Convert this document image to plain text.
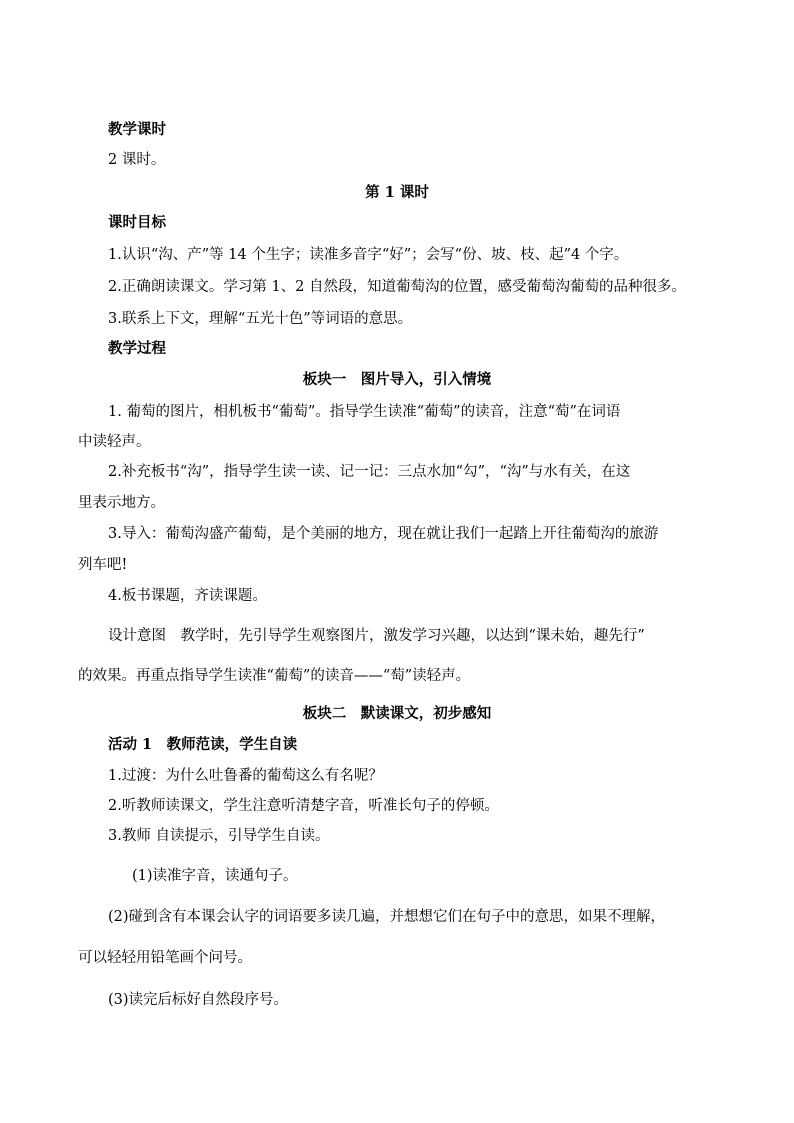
教学课时
2 课时。
第 1 课时
课时目标
1.认识“沟、产”等 14 个生字；读准多音字“好”；会写“份、坡、枝、起”4 个字。
2.正确朗读课文。学习第 1、2 自然段，知道葡萄沟的位置，感受葡萄沟葡萄的品种很多。
3.联系上下文，理解“五光十色”等词语的意思。
教学过程
板块一　图片导入，引入情境
1. 葡萄的图片，相机板书“葡萄”。指导学生读准“葡萄”的读音，注意“萄”在词语
中读轻声。
2.补充板书“沟”，指导学生读一读、记一记：三点水加“勾”，“沟”与水有关，在这
里表示地方。
3.导入：葡萄沟盛产葡萄，是个美丽的地方，现在就让我们一起踏上开往葡萄沟的旅游
列车吧!
4.板书课题，齐读课题。
设计意图　教学时，先引导学生观察图片，激发学习兴趣，以达到“课未始，趣先行”
的效果。再重点指导学生读准“葡萄”的读音——“萄”读轻声。
板块二　默读课文，初步感知
活动 1　教师范读，学生自读
1.过渡：为什么吐鲁番的葡萄这么有名呢？
2.听教师读课文，学生注意听清楚字音，听准长句子的停顿。
3.教师 自读提示，引导学生自读。
(1)读准字音，读通句子。
(2)碰到含有本课会认字的词语要多读几遍，并想想它们在句子中的意思，如果不理解，
可以轻轻用铅笔画个问号。
(3)读完后标好自然段序号。
